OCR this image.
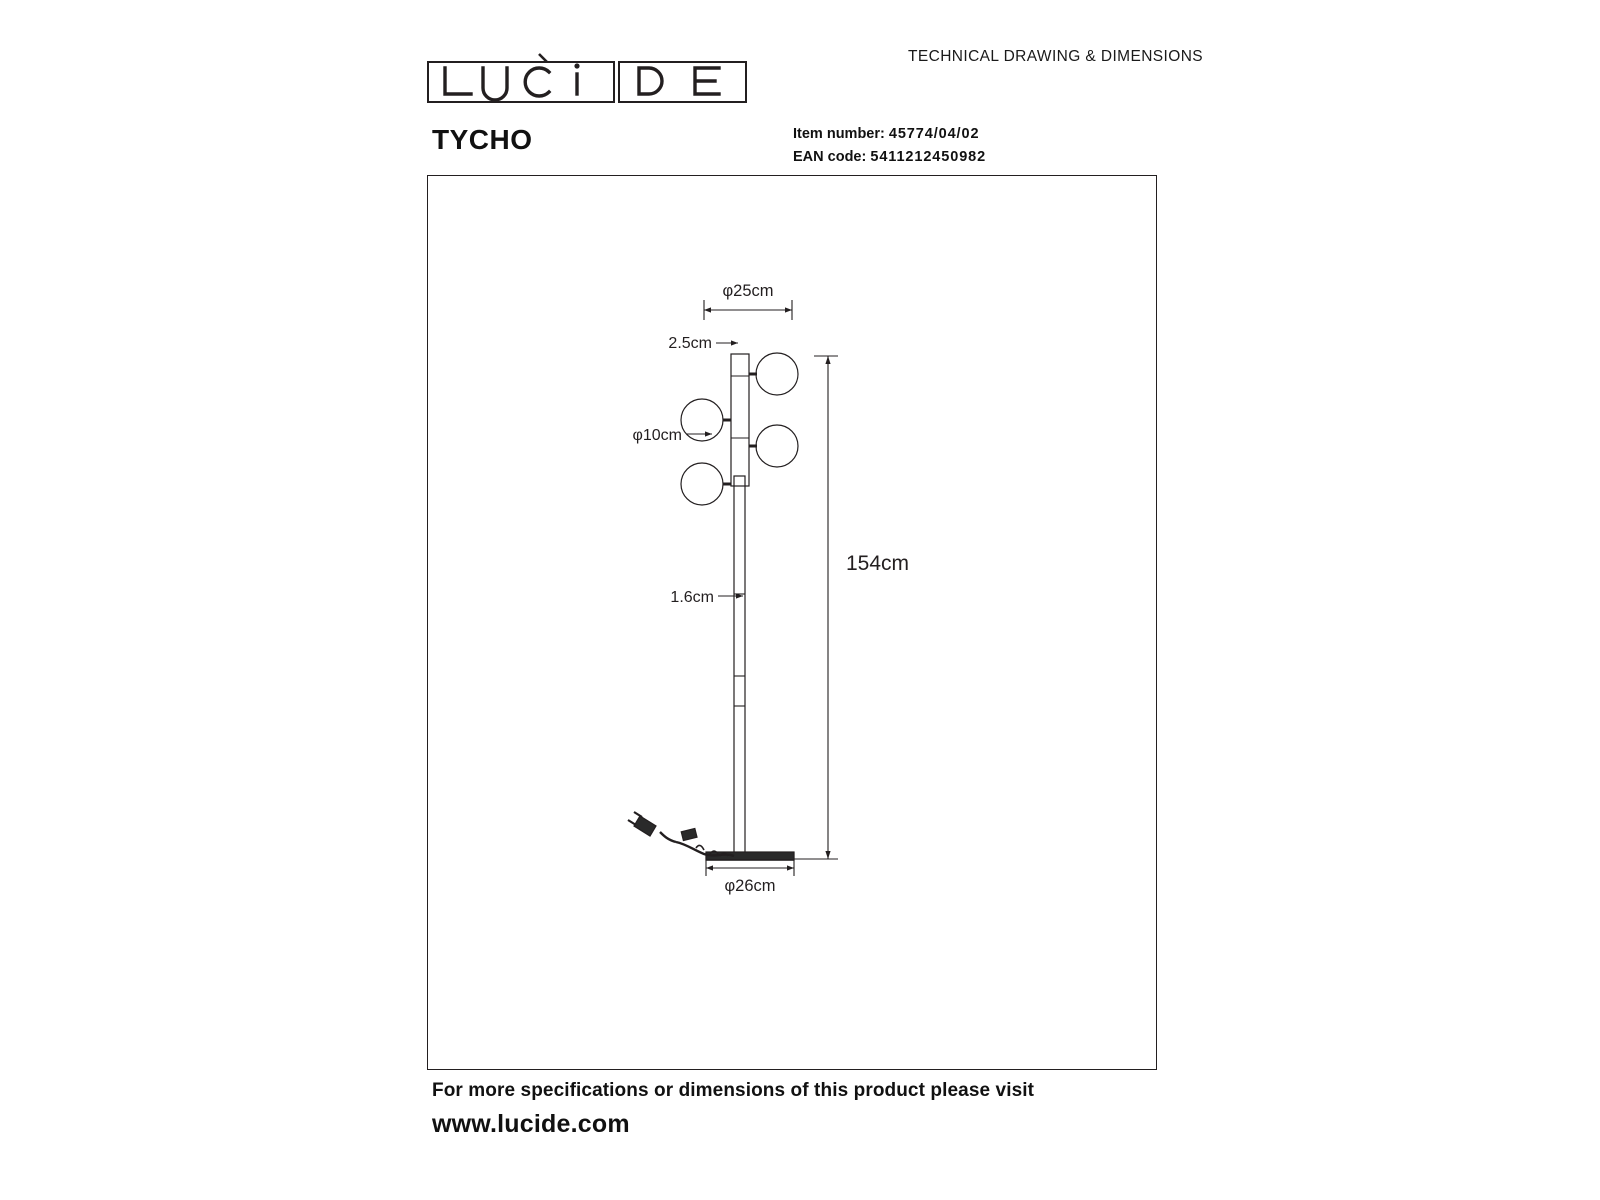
TECHNICAL DRAWING & DIMENSIONS
TYCHO	Item number: 45774/04/02
EAN code: 5411212450982
φ25cm
2.5cm
φ10cm
1.6cm
154cm
φ26cm
For more specifications or dimensions of this product please visit
www.lucide.com
